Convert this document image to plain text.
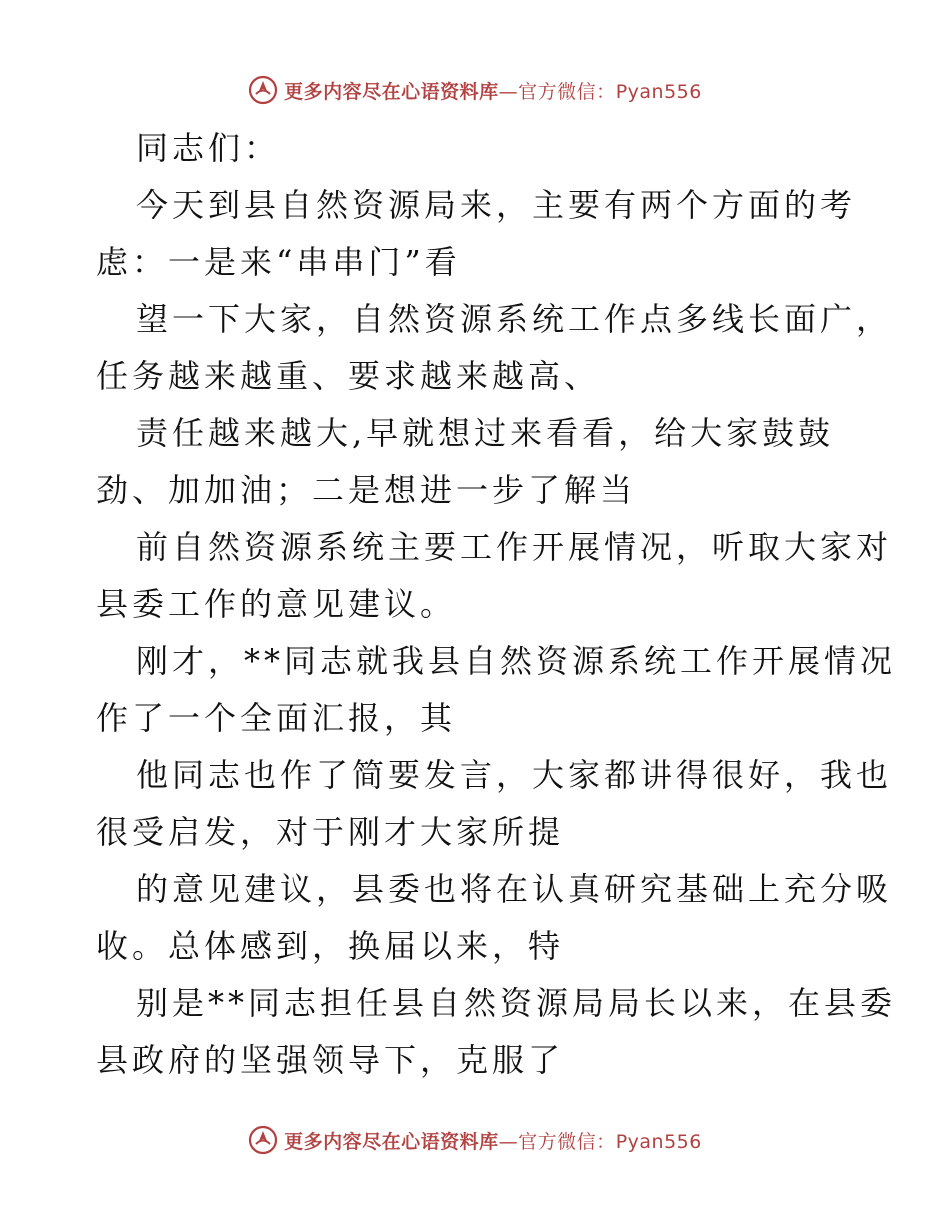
更多内容尽在心语资料库—官方微信：Pyan556
同志们：
今天到县自然资源局来，主要有两个方面的考
虑：一是来“串串门”看
望一下大家，自然资源系统工作点多线长面广，
任务越来越重、要求越来越高、
责任越来越大,早就想过来看看，给大家鼓鼓
劲、加加油；二是想进一步了解当
前自然资源系统主要工作开展情况，听取大家对
县委工作的意见建议。
刚才，**同志就我县自然资源系统工作开展情况
作了一个全面汇报，其
他同志也作了简要发言，大家都讲得很好，我也
很受启发，对于刚才大家所提
的意见建议，县委也将在认真研究基础上充分吸
收。总体感到，换届以来，特
别是**同志担任县自然资源局局长以来，在县委
县政府的坚强领导下，克服了
更多内容尽在心语资料库—官方微信：Pyan556
